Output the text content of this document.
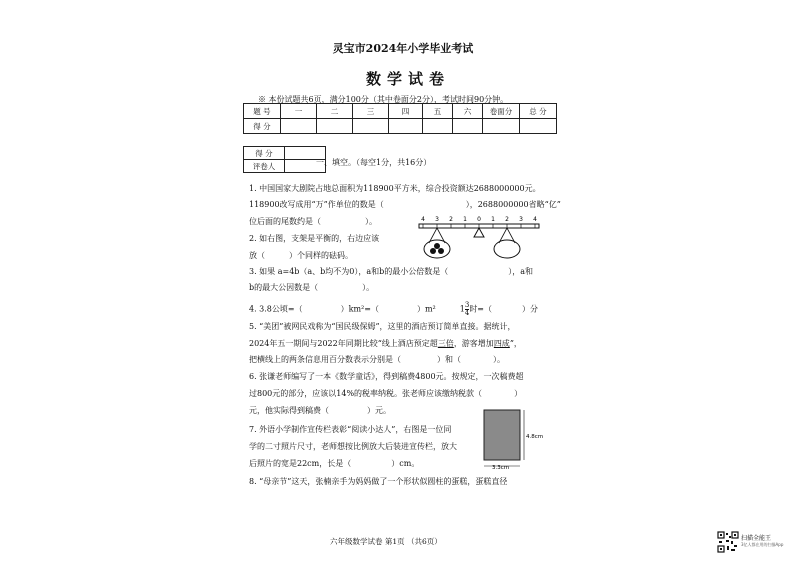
灵宝市2024年小学毕业考试
数学试卷
※ 本份试题共6页，满分100分（其中卷面分2分），考试时间90分钟。
题 号	一	二	三	四	五	六	卷面分	总 分
得 分								
得 分	
评卷人		一、填空。（每空1分，共16分）
1. 中国国家大剧院占地总面积为118900平方米，综合投资额达2688000000元。
118900改写成用“万”作单位的数是（	），2688000000省略“亿”
位后面的尾数约是（	）。
2. 如右图，支架是平衡的，右边应该
放（	）个同样的砝码。
4 3 2 1 0 1 2 3 4
3. 如果 a=4b（a、b均不为0），a和b的最小公倍数是（	），a和
b的最大公因数是（	）。
4. 3.8公顷=（	）km²=（	）m²	$1 \frac{3}{4}$ 时=（	）分
5. “美团”被网民戏称为“国民级保姆”，这里的酒店预订简单直接。据统计，
2024年五一期间与2022年同期比较“线上酒店预定超三倍，游客增加四成”，
把横线上的两条信息用百分数表示分别是（	）和（	）。
6. 张谦老师编写了一本《数学童话》，得到稿费4800元。按规定，一次稿费超
过800元的部分，应该以14%的税率纳税。张老师应该缴纳税款（	）
元，他实际得到稿费（	）元。
7. 外语小学制作宣传栏表彰“阅读小达人”，右图是一位同
学的二寸照片尺寸，老师想按比例放大后装进宣传栏，放大
后照片的宽是22cm，长是（	）cm。
4.8cm
3.3cm
8. “母亲节”这天，张楠亲手为妈妈做了一个形状似圆柱的蛋糕，蛋糕直径
六年级数学试卷 第1页 （共6页）	扫描全能王
3亿人都在用的扫描App
